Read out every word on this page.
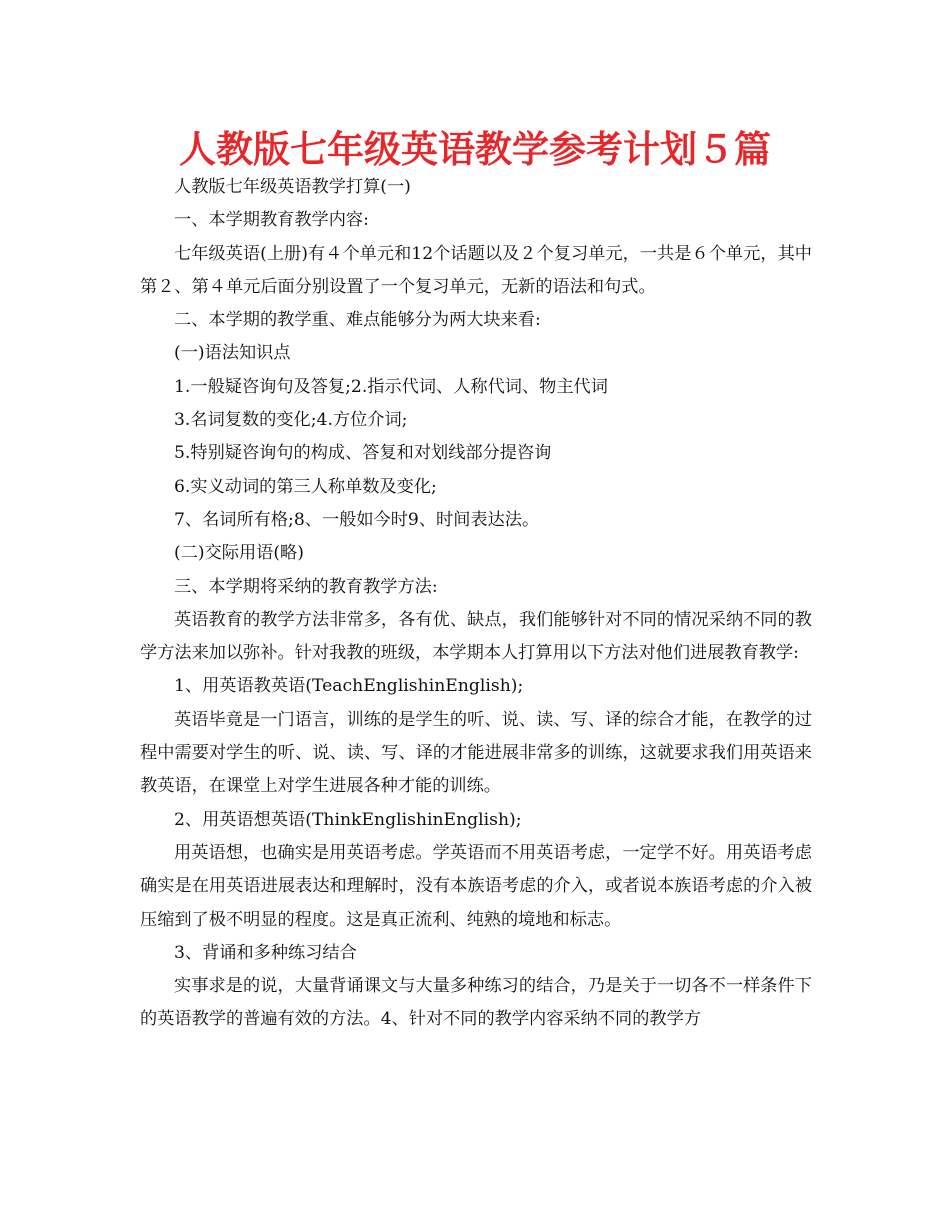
人教版七年级英语教学参考计划５篇

人教版七年级英语教学打算(一)

一、本学期教育教学内容:

七年级英语(上册)有４个单元和12个话题以及２个复习单元，一共是６个单元，其中第２、第４单元后面分别设置了一个复习单元，无新的语法和句式。

二、本学期的教学重、难点能够分为两大块来看:

(一)语法知识点

1.一般疑咨询句及答复;2.指示代词、人称代词、物主代词

3.名词复数的变化;4.方位介词;

5.特别疑咨询句的构成、答复和对划线部分提咨询

6.实义动词的第三人称单数及变化;

7、名词所有格;8、一般如今时9、时间表达法。

(二)交际用语(略)

三、本学期将采纳的教育教学方法:

英语教育的教学方法非常多，各有优、缺点，我们能够针对不同的情况采纳不同的教学方法来加以弥补。针对我教的班级，本学期本人打算用以下方法对他们进展教育教学:

1、用英语教英语(TeachEnglishinEnglish);

英语毕竟是一门语言，训练的是学生的听、说、读、写、译的综合才能，在教学的过程中需要对学生的听、说、读、写、译的才能进展非常多的训练，这就要求我们用英语来教英语，在课堂上对学生进展各种才能的训练。

2、用英语想英语(ThinkEnglishinEnglish);

用英语想，也确实是用英语考虑。学英语而不用英语考虑，一定学不好。用英语考虑确实是在用英语进展表达和理解时，没有本族语考虑的介入，或者说本族语考虑的介入被压缩到了极不明显的程度。这是真正流利、纯熟的境地和标志。

3、背诵和多种练习结合

实事求是的说，大量背诵课文与大量多种练习的结合，乃是关于一切各不一样条件下的英语教学的普遍有效的方法。4、针对不同的教学内容采纳不同的教学方
